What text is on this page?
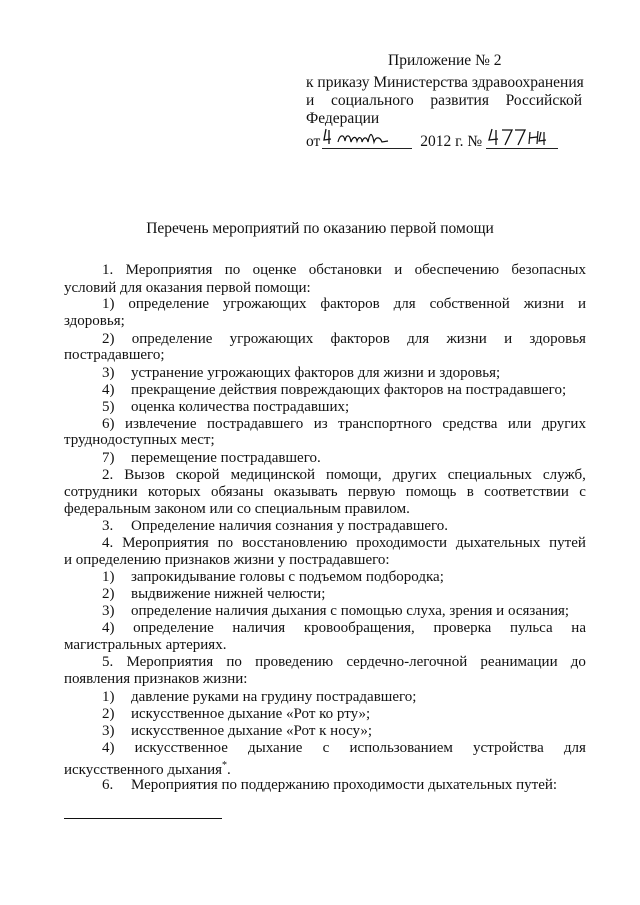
Приложение № 2
к приказу Министерства здравоохранения
и социального развития Российской
Федерации
от	2012 г. №
Перечень мероприятий по оказанию первой помощи
1. Мероприятия по оценке обстановки и обеспечению безопасных
условий для оказания первой помощи:
1) определение угрожающих факторов для собственной жизни и
здоровья;
2) определение угрожающих факторов для жизни и здоровья
пострадавшего;
3) устранение угрожающих факторов для жизни и здоровья;
4) прекращение действия повреждающих факторов на пострадавшего;
5) оценка количества пострадавших;
6) извлечение пострадавшего из транспортного средства или других
труднодоступных мест;
7) перемещение пострадавшего.
2. Вызов скорой медицинской помощи, других специальных служб,
сотрудники которых обязаны оказывать первую помощь в соответствии с
федеральным законом или со специальным правилом.
3. Определение наличия сознания у пострадавшего.
4. Мероприятия по восстановлению проходимости дыхательных путей
и определению признаков жизни у пострадавшего:
1) запрокидывание головы с подъемом подбородка;
2) выдвижение нижней челюсти;
3) определение наличия дыхания с помощью слуха, зрения и осязания;
4) определение наличия кровообращения, проверка пульса на
магистральных артериях.
5. Мероприятия по проведению сердечно-легочной реанимации до
появления признаков жизни:
1) давление руками на грудину пострадавшего;
2) искусственное дыхание «Рот ко рту»;
3) искусственное дыхание «Рот к носу»;
4) искусственное дыхание с использованием устройства для
искусственного дыхания*.
6. Мероприятия по поддержанию проходимости дыхательных путей:
